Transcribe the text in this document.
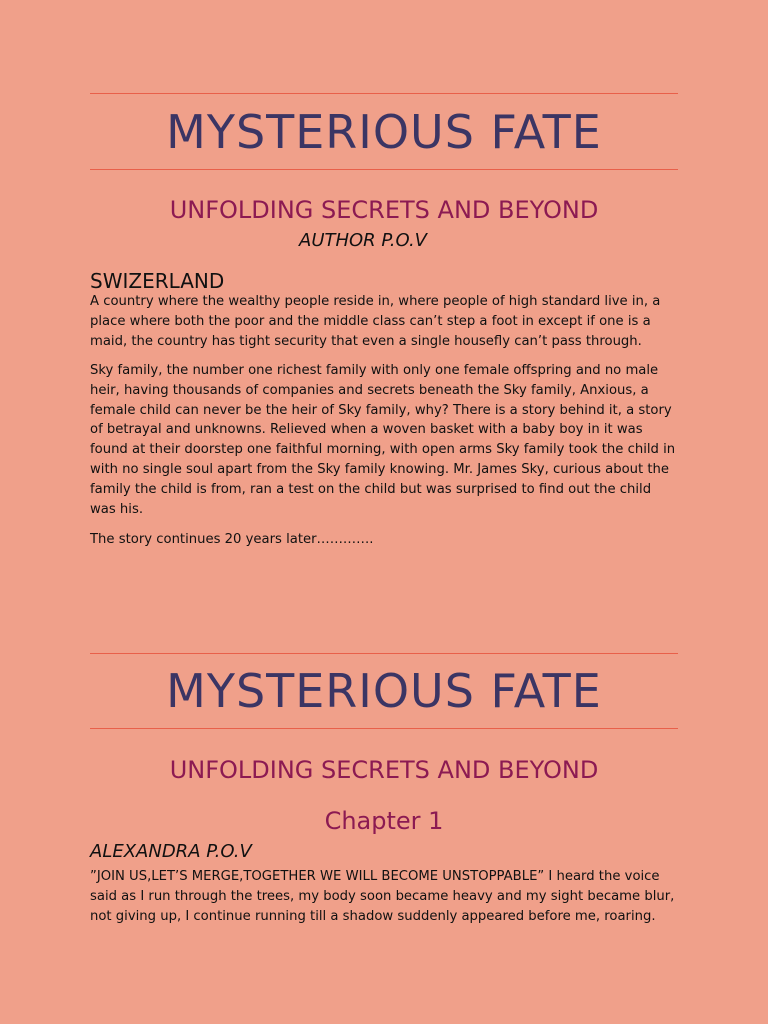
MYSTERIOUS FATE
UNFOLDING SECRETS AND BEYOND
AUTHOR P.O.V
SWIZERLAND

A country where the wealthy people reside in, where people of high standard live in, a place where both the poor and the middle class can’t step a foot in except if one is a maid, the country has tight security that even a single housefly can’t pass through.

Sky family, the number one richest family with only one female offspring and no male heir, having thousands of companies and secrets beneath the Sky family, Anxious, a female child can never be the heir of Sky family, why? There is a story behind it, a story of betrayal and unknowns. Relieved when a woven basket with a baby boy in it was found at their doorstep one faithful morning, with open arms Sky family took the child in with no single soul apart from the Sky family knowing. Mr. James Sky, curious about the family the child is from, ran a test on the child but was surprised to find out the child was his.

The story continues 20 years later………….

MYSTERIOUS FATE
UNFOLDING SECRETS AND BEYOND
Chapter 1
ALEXANDRA P.O.V

”JOIN US,LET’S MERGE,TOGETHER WE WILL BECOME UNSTOPPABLE” I heard the voice said as I run through the trees, my body soon became heavy and my sight became blur, not giving up, I continue running till a shadow suddenly appeared before me, roaring.
